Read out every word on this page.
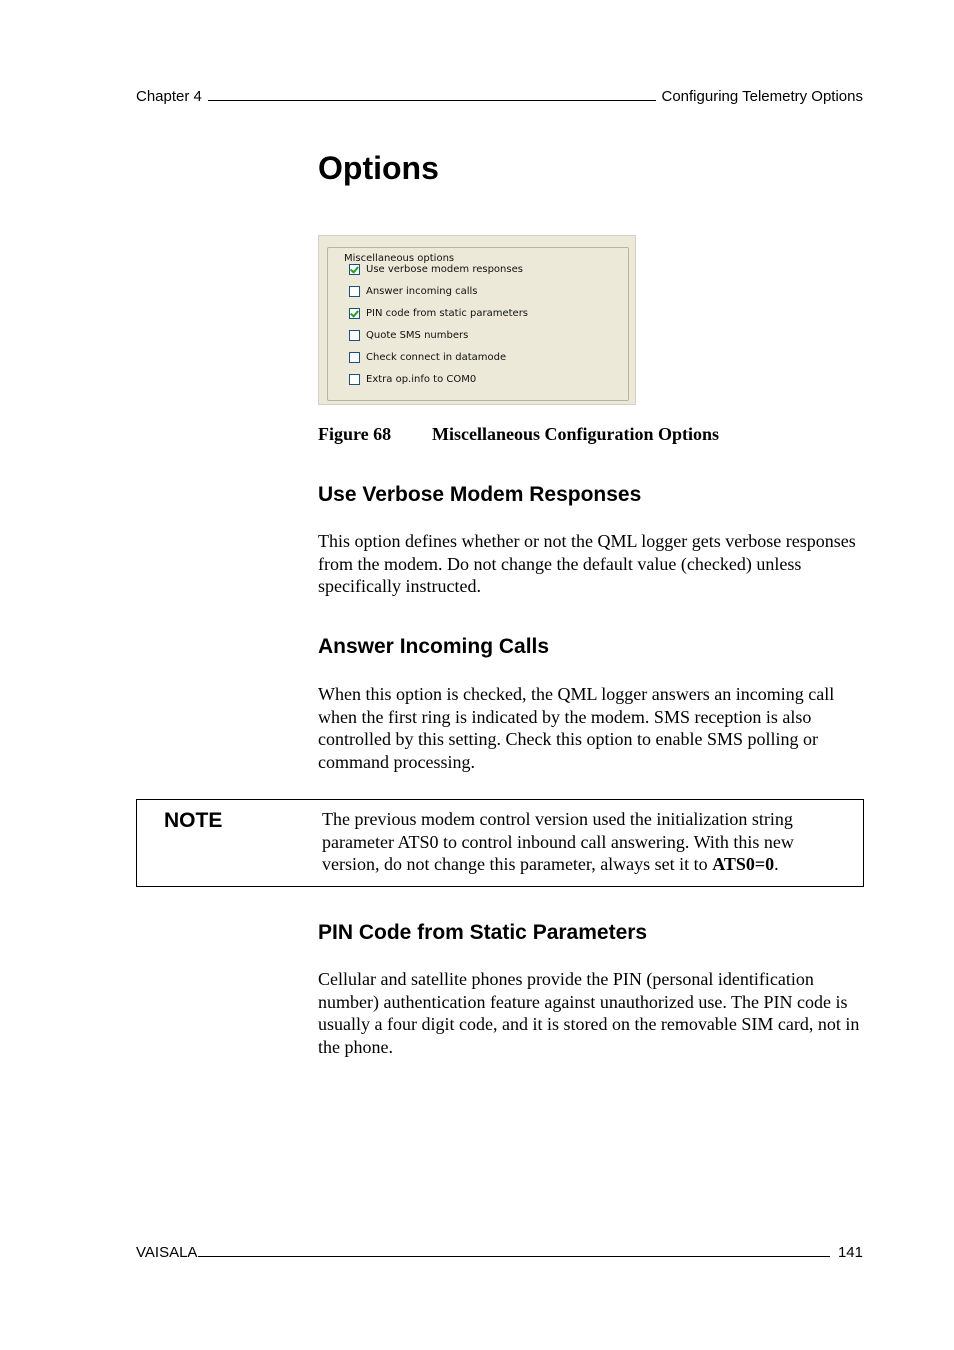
Chapter 4	Configuring Telemetry Options
Options
Miscellaneous options
Use verbose modem responses
Answer incoming calls
PIN code from static parameters
Quote SMS numbers
Check connect in datamode
Extra op.info to COM0
Figure 68 Miscellaneous Configuration Options
Use Verbose Modem Responses

This option defines whether or not the QML logger gets verbose responses from the modem. Do not change the default value (checked) unless specifically instructed.

Answer Incoming Calls

When this option is checked, the QML logger answers an incoming call when the first ring is indicated by the modem. SMS reception is also controlled by this setting. Check this option to enable SMS polling or command processing.

NOTE	The previous modem control version used the initialization string parameter ATS0 to control inbound call answering. With this new version, do not change this parameter, always set it to ATS0=0.

PIN Code from Static Parameters

Cellular and satellite phones provide the PIN (personal identification number) authentication feature against unauthorized use. The PIN code is usually a four digit code, and it is stored on the removable SIM card, not in the phone.

VAISALA	141
